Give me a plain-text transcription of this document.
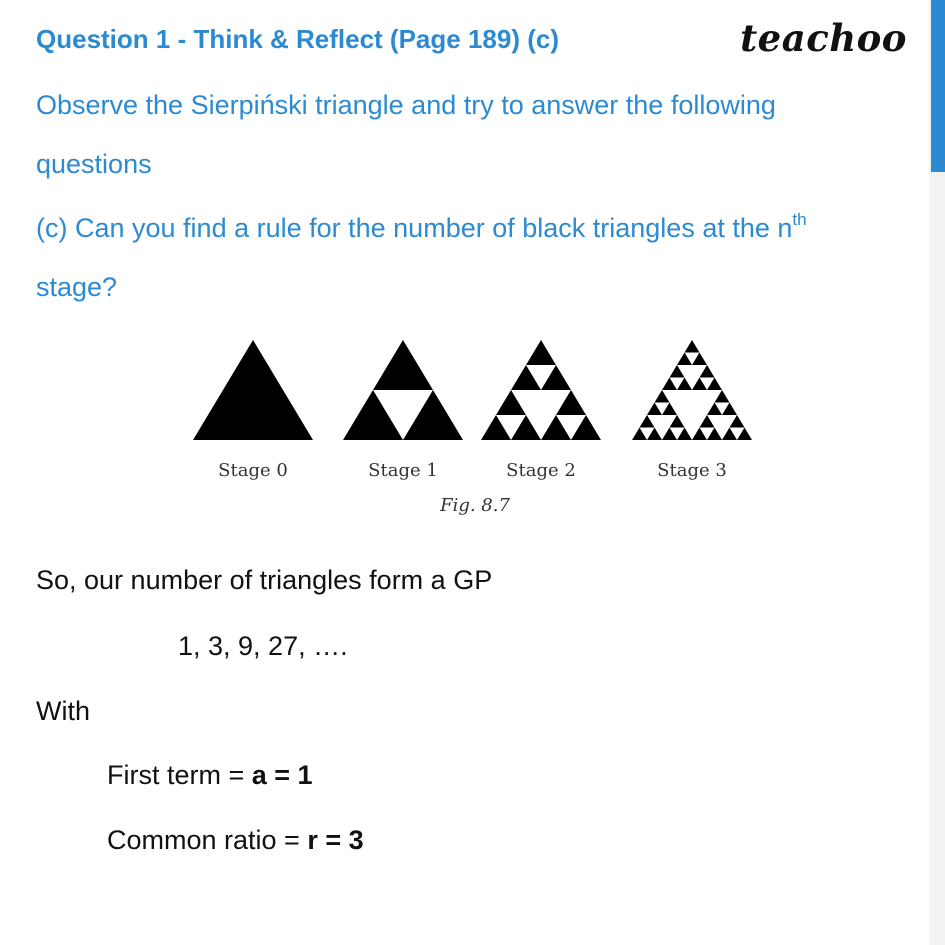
Question 1 - Think & Reflect (Page 189) (c)	teachoo
Observe the Sierpiński triangle and try to answer the following
questions
(c) Can you find a rule for the number of black triangles at the $n^{th}$
stage?
Stage 0	Stage 1	Stage 2	Stage 3
Fig. 8.7
So, our number of triangles form a GP
1, 3, 9, 27, ….
With
First term = a = 1
Common ratio = r = 3
